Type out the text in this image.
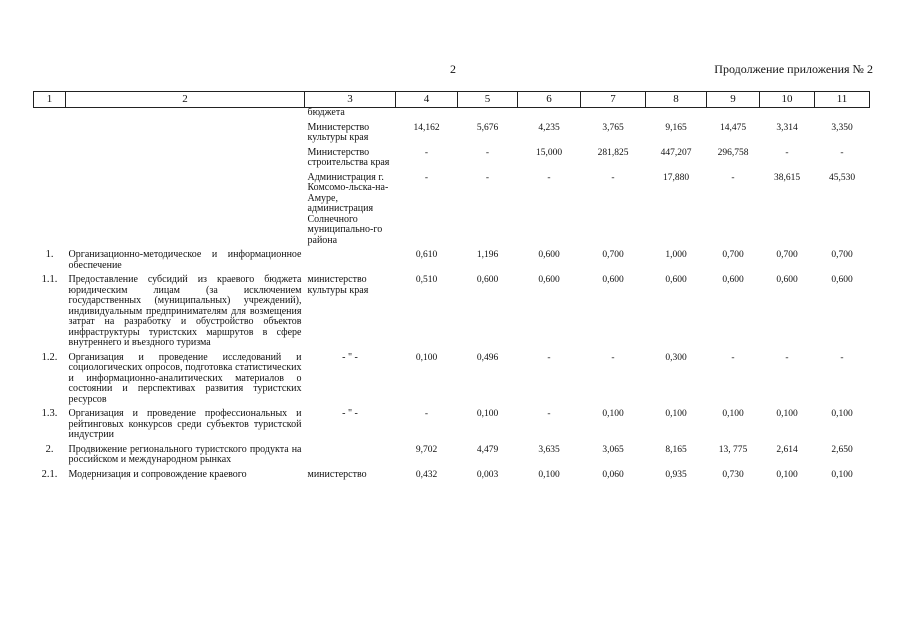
2	Продолжение приложения № 2
1	2	3	4	5	6	7	8	9	10	11
		бюджета								
		Министерство культуры края	14,162	5,676	4,235	3,765	9,165	14,475	3,314	3,350
		Министерство строительства края	-	-	15,000	281,825	447,207	296,758	-	-
		Администрация г. Комсомо-льска-на-Амуре, администрация Солнечного муниципально-го района	-	-	-	-	17,880	-	38,615	45,530
1.	Организационно-методическое и информационное обеспечение		0,610	1,196	0,600	0,700	1,000	0,700	0,700	0,700
1.1.	Предоставление субсидий из краевого бюджета юридическим лицам (за исключением государственных (муниципальных) учреждений), индивидуальным предпринимателям для возмещения затрат на разработку и обустройство объектов инфраструктуры туристских маршрутов в сфере внутреннего и въездного туризма	министерство культуры края	0,510	0,600	0,600	0,600	0,600	0,600	0,600	0,600
1.2.	Организация и проведение исследований и социологических опросов, подготовка статистических и информационно-аналитических материалов о состоянии и перспективах развития туристских ресурсов	- " -	0,100	0,496	-	-	0,300	-	-	-
1.3.	Организация и проведение профессиональных и рейтинговых конкурсов среди субъектов туристской индустрии	- " -	-	0,100	-	0,100	0,100	0,100	0,100	0,100
2.	Продвижение регионального туристского продукта на российском и международном рынках		9,702	4,479	3,635	3,065	8,165	13, 775	2,614	2,650
2.1.	Модернизация и сопровождение краевого	министерство	0,432	0,003	0,100	0,060	0,935	0,730	0,100	0,100
